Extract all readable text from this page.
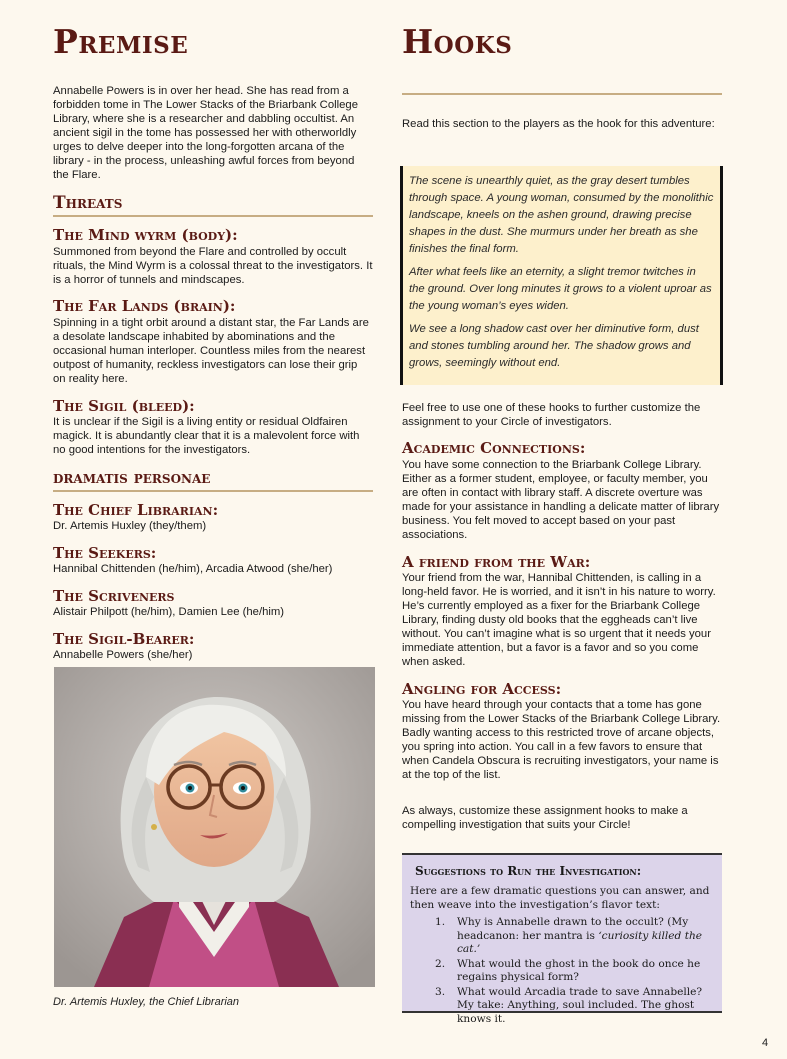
Premise

Annabelle Powers is in over her head. She has read from a forbidden tome in The Lower Stacks of the Briarbank College Library, where she is a researcher and dabbling occultist. An ancient sigil in the tome has possessed her with otherworldly urges to delve deeper into the long-forgotten arcana of the library - in the process, unleashing awful forces from beyond the Flare.

Threats
The Mind wyrm (body):

Summoned from beyond the Flare and controlled by occult rituals, the Mind Wyrm is a colossal threat to the investigators. It is a horror of tunnels and mindscapes.

The Far Lands (brain):

Spinning in a tight orbit around a distant star, the Far Lands are a desolate landscape inhabited by abominations and the occasional human interloper. Countless miles from the nearest outpost of humanity, reckless investigators can lose their grip on reality here.

The Sigil (bleed):

It is unclear if the Sigil is a living entity or residual Oldfairen magick. It is abundantly clear that it is a malevolent force with no good intentions for the investigators.

dramatis personae
The Chief Librarian:

Dr. Artemis Huxley (they/them)

The Seekers:

Hannibal Chittenden (he/him), Arcadia Atwood (she/her)

The Scriveners

Alistair Philpott (he/him), Damien Lee (he/him)

The Sigil-Bearer:

Annabelle Powers (she/her)

Dr. Artemis Huxley, the Chief Librarian

Hooks

Read this section to the players as the hook for this adventure:

The scene is unearthly quiet, as the gray desert tumbles through space. A young woman, consumed by the monolithic landscape, kneels on the ashen ground, drawing precise shapes in the dust. She murmurs under her breath as she finishes the final form.

After what feels like an eternity, a slight tremor twitches in the ground. Over long minutes it grows to a violent uproar as the young woman’s eyes widen.

We see a long shadow cast over her diminutive form, dust and stones tumbling around her. The shadow grows and grows, seemingly without end.

Feel free to use one of these hooks to further customize the assignment to your Circle of investigators.

Academic Connections:

You have some connection to the Briarbank College Library. Either as a former student, employee, or faculty member, you are often in contact with library staff. A discrete overture was made for your assistance in handling a delicate matter of library business. You felt moved to accept based on your past associations.

A friend from the War:

Your friend from the war, Hannibal Chittenden, is calling in a long-held favor. He is worried, and it isn’t in his nature to worry. He’s currently employed as a fixer for the Briarbank College Library, finding dusty old books that the eggheads can’t live without. You can’t imagine what is so urgent that it needs your immediate attention, but a favor is a favor and so you come when asked.

Angling for Access:

You have heard through your contacts that a tome has gone missing from the Lower Stacks of the Briarbank College Library. Badly wanting access to this restricted trove of arcane objects, you spring into action. You call in a few favors to ensure that when Candela Obscura is recruiting investigators, your name is at the top of the list.

As always, customize these assignment hooks to make a compelling investigation that suits your Circle!

Suggestions to Run the Investigation:

Here are a few dramatic questions you can answer, and then weave into the investigation’s flavor text:

1. Why is Annabelle drawn to the occult? (My headcanon: her mantra is ‘curiosity killed the cat.’
2. What would the ghost in the book do once he regains physical form?
3. What would Arcadia trade to save Annabelle? My take: Anything, soul included. The ghost knows it.

4
